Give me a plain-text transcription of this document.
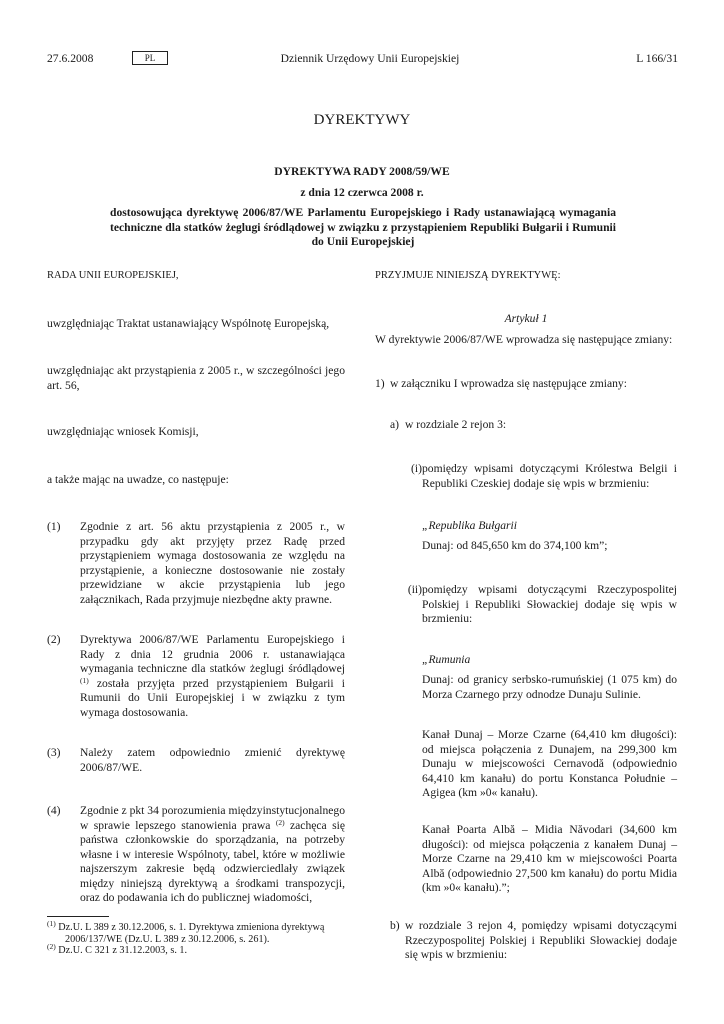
27.6.2008	PL	Dziennik Urzędowy Unii Europejskiej	L 166/31
DYREKTYWY
DYREKTYWA RADY 2008/59/WE
z dnia 12 czerwca 2008 r.
dostosowująca dyrektywę 2006/87/WE Parlamentu Europejskiego i Rady ustanawiającą wymagania techniczne dla statków żeglugi śródlądowej w związku z przystąpieniem Republiki Bułgarii i Rumunii do Unii Europejskiej
RADA UNII EUROPEJSKIEJ,
uwzględniając Traktat ustanawiający Wspólnotę Europejską,
uwzględniając akt przystąpienia z 2005 r., w szczególności jego art. 56,
uwzględniając wniosek Komisji,
a także mając na uwadze, co następuje:
(1)	Zgodnie z art. 56 aktu przystąpienia z 2005 r., w przypadku gdy akt przyjęty przez Radę przed przystąpieniem wymaga dostosowania ze względu na przystąpienie, a konieczne dostosowanie nie zostały przewidziane w akcie przystąpienia lub jego załącznikach, Rada przyjmuje niezbędne akty prawne.
(2)	Dyrektywa 2006/87/WE Parlamentu Europejskiego i Rady z dnia 12 grudnia 2006 r. ustanawiająca wymagania techniczne dla statków żeglugi śródlądowej $^{(1)}$ została przyjęta przed przystąpieniem Bułgarii i Rumunii do Unii Europejskiej i w związku z tym wymaga dostosowania.
(3)	Należy zatem odpowiednio zmienić dyrektywę 2006/87/WE.
(4)	Zgodnie z pkt 34 porozumienia międzyinstytucjonalnego w sprawie lepszego stanowienia prawa $^{(2)}$ zachęca się państwa członkowskie do sporządzania, na potrzeby własne i w interesie Wspólnoty, tabel, które w możliwie najszerszym zakresie będą odzwierciedlały związek między niniejszą dyrektywą a środkami transpozycji, oraz do podawania ich do publicznej wiadomości,
$^{(1)}$ Dz.U. L 389 z 30.12.2006, s. 1. Dyrektywa zmieniona dyrektywą 2006/137/WE (Dz.U. L 389 z 30.12.2006, s. 261).
$^{(2)}$ Dz.U. C 321 z 31.12.2003, s. 1.
PRZYJMUJE NINIEJSZĄ DYREKTYWĘ:
Artykuł 1
W dyrektywie 2006/87/WE wprowadza się następujące zmiany:
1) w załączniku I wprowadza się następujące zmiany:
a) w rozdziale 2 rejon 3:
(i) pomiędzy wpisami dotyczącymi Królestwa Belgii i Republiki Czeskiej dodaje się wpis w brzmieniu:
„Republika Bułgarii
Dunaj: od 845,650 km do 374,100 km”;
(ii) pomiędzy wpisami dotyczącymi Rzeczypospolitej Polskiej i Republiki Słowackiej dodaje się wpis w brzmieniu:
„Rumunia
Dunaj: od granicy serbsko-rumuńskiej (1 075 km) do Morza Czarnego przy odnodze Dunaju Sulinie.
Kanał Dunaj – Morze Czarne (64,410 km długości): od miejsca połączenia z Dunajem, na 299,300 km Dunaju w miejscowości Cernavodă (odpowiednio 64,410 km kanału) do portu Konstanca Południe – Agigea (km »0« kanału).
Kanał Poarta Albă – Midia Năvodari (34,600 km długości): od miejsca połączenia z kanałem Dunaj – Morze Czarne na 29,410 km w miejscowości Poarta Albă (odpowiednio 27,500 km kanału) do portu Midia (km »0« kanału).”;
b) w rozdziale 3 rejon 4, pomiędzy wpisami dotyczącymi Rzeczypospolitej Polskiej i Republiki Słowackiej dodaje się wpis w brzmieniu:
